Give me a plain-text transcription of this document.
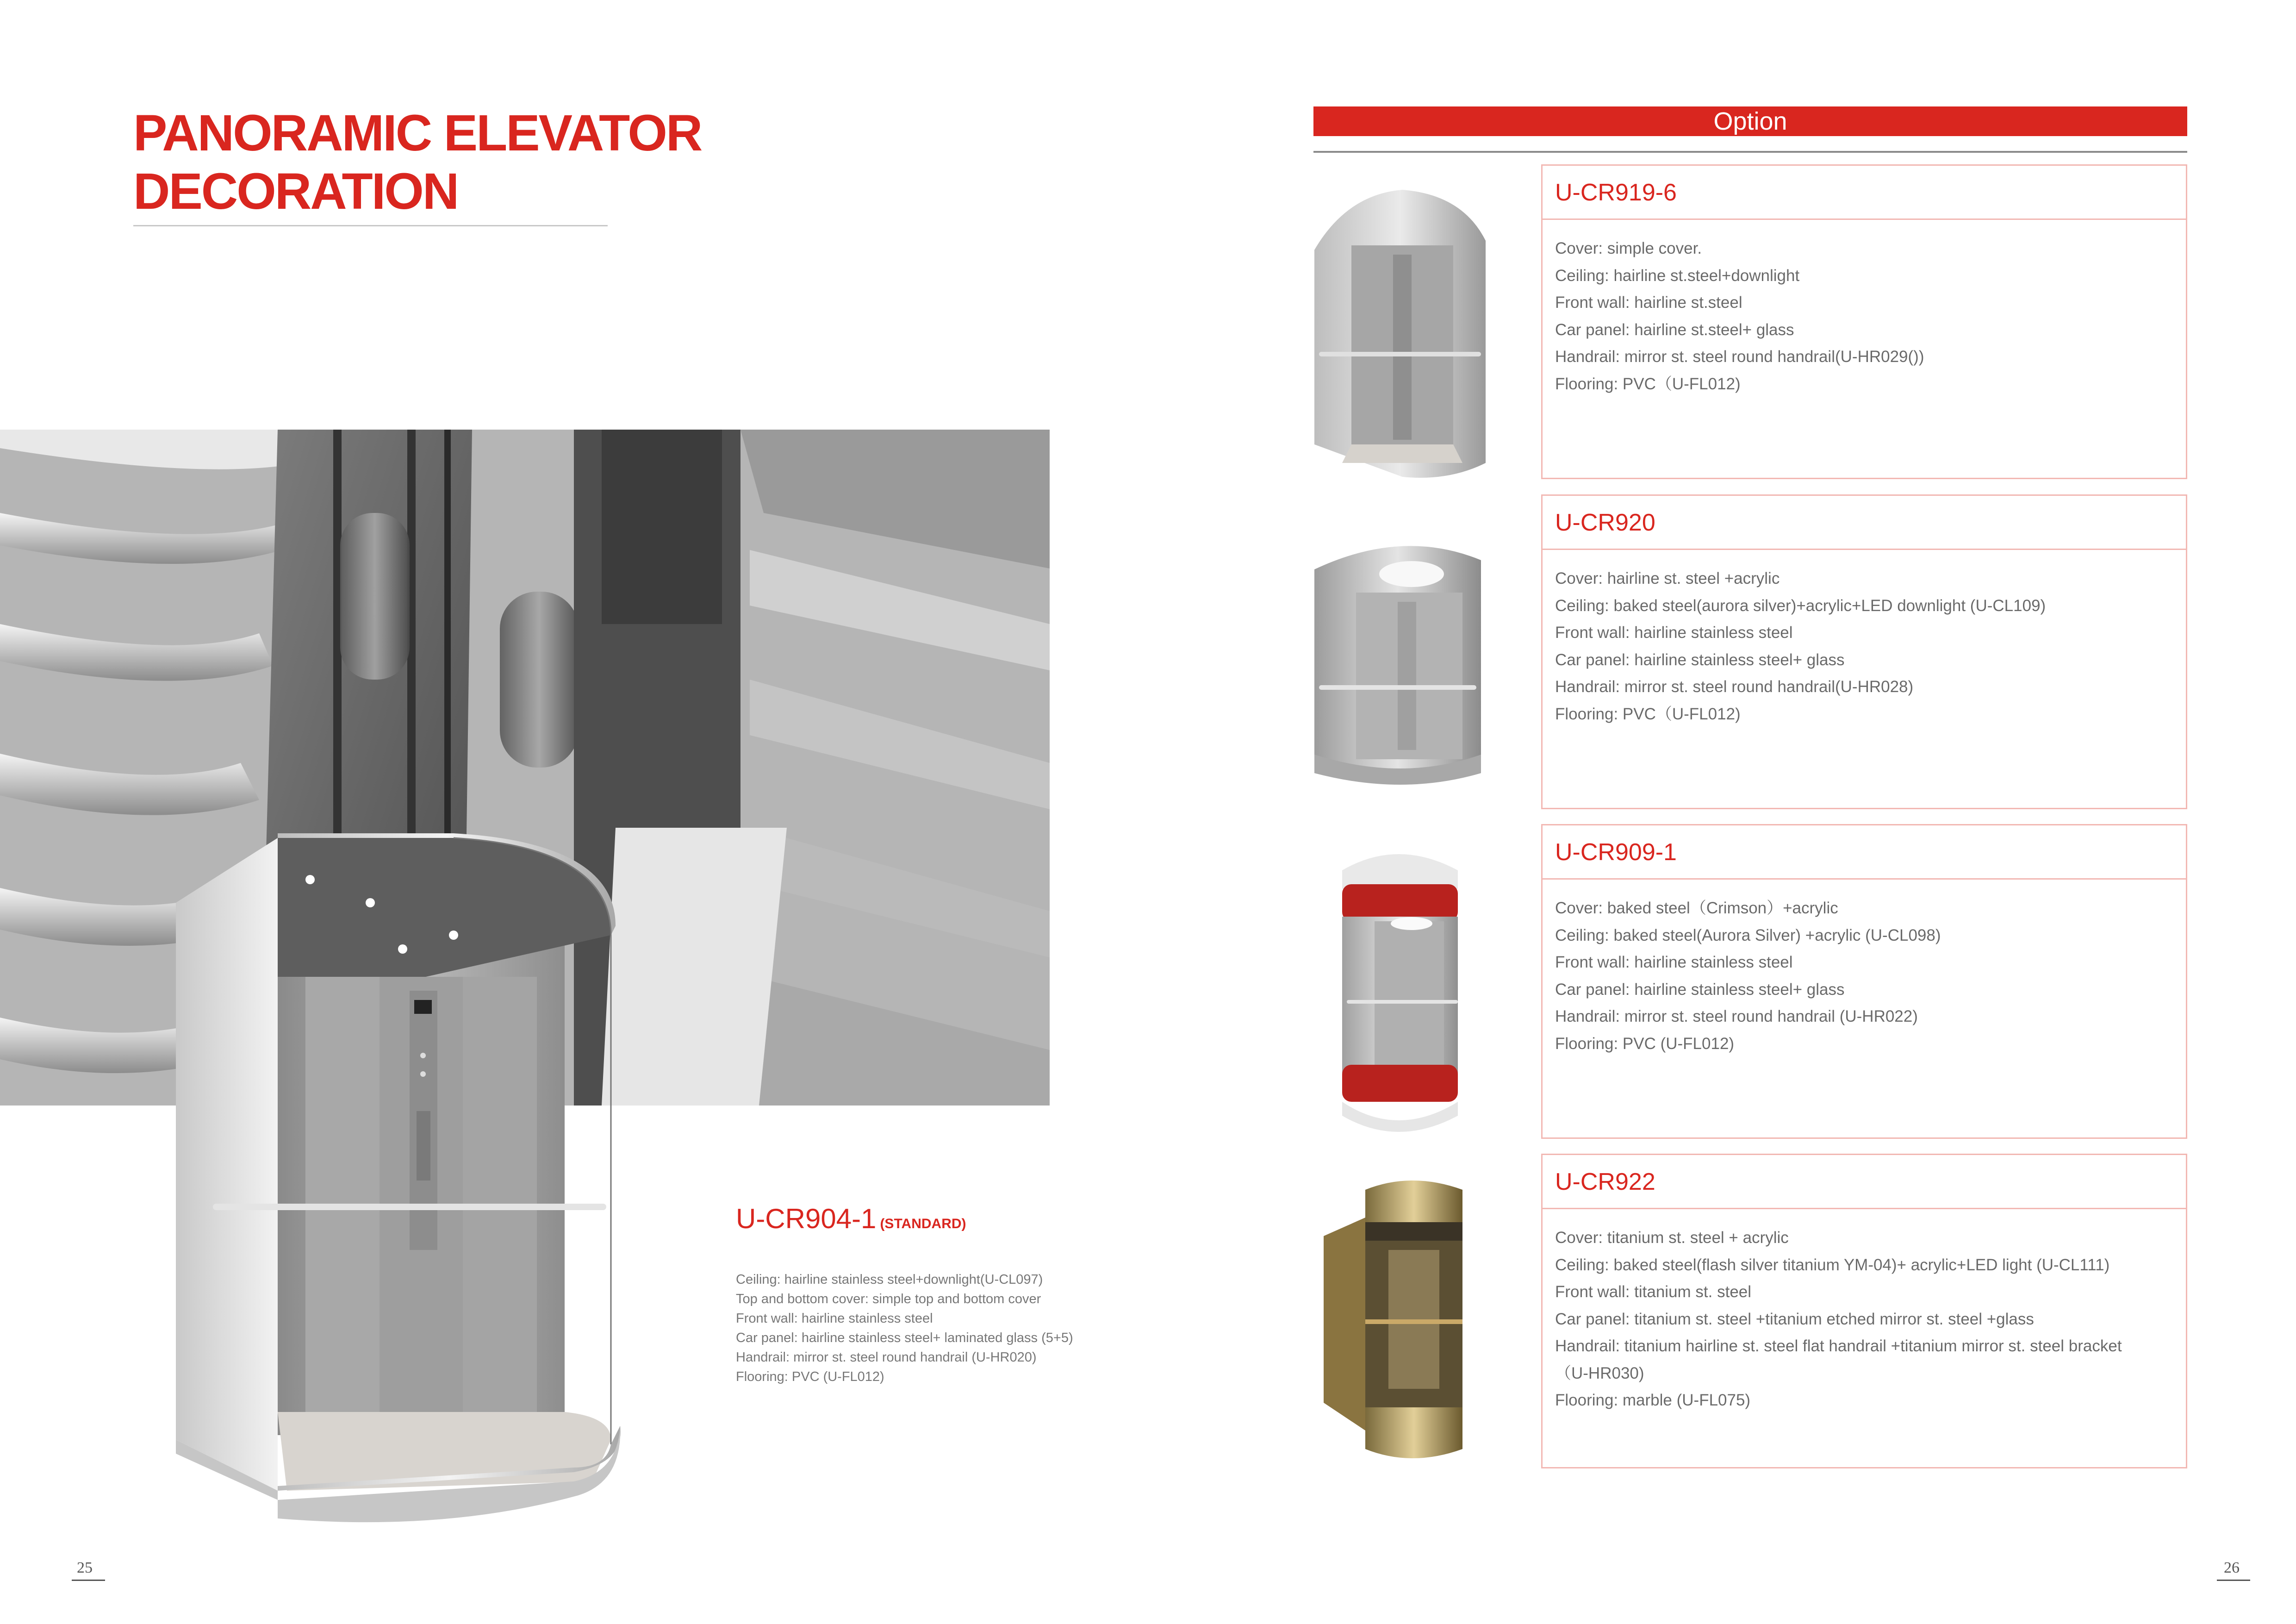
PANORAMIC ELEVATOR
DECORATION
U-CR904-1 (STANDARD)
Ceiling: hairline stainless steel+downlight(U-CL097)
Top and bottom cover: simple top and bottom cover
Front wall: hairline stainless steel
Car panel: hairline stainless steel+ laminated glass (5+5)
Handrail: mirror st. steel round handrail (U-HR020)
Flooring: PVC (U-FL012)
25
Option
U-CR919-6
Cover: simple cover.
Ceiling: hairline st.steel+downlight
Front wall: hairline st.steel
Car panel: hairline st.steel+ glass
Handrail: mirror st. steel round handrail(U-HR029())
Flooring: PVC（U-FL012)
U-CR920
Cover: hairline st. steel +acrylic
Ceiling: baked steel(aurora silver)+acrylic+LED downlight (U-CL109)
Front wall: hairline stainless steel
Car panel: hairline stainless steel+ glass
Handrail: mirror st. steel round handrail(U-HR028)
Flooring: PVC（U-FL012)
U-CR909-1
Cover: baked steel（Crimson）+acrylic
Ceiling: baked steel(Aurora Silver) +acrylic (U-CL098)
Front wall: hairline stainless steel
Car panel: hairline stainless steel+ glass
Handrail: mirror st. steel round handrail (U-HR022)
Flooring: PVC (U-FL012)
U-CR922
Cover: titanium st. steel + acrylic
Ceiling: baked steel(flash silver titanium YM-04)+ acrylic+LED light (U-CL111)
Front wall: titanium st. steel
Car panel: titanium st. steel +titanium etched mirror st. steel +glass
Handrail: titanium hairline st. steel flat handrail +titanium mirror st. steel bracket
（U-HR030)
Flooring: marble (U-FL075)
26
